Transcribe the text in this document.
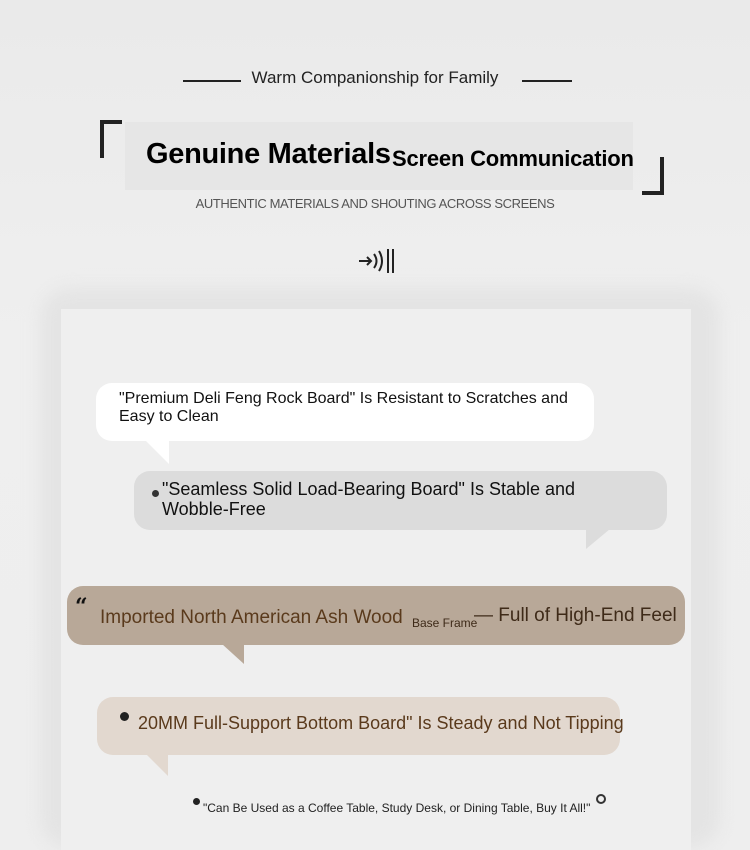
Warm Companionship for Family
Genuine Materials Screen Communication
AUTHENTIC MATERIALS AND SHOUTING ACROSS SCREENS
"Premium Deli Feng Rock Board" Is Resistant to Scratches and Easy to Clean
"Seamless Solid Load-Bearing Board" Is Stable and Wobble-Free
“ Imported North American Ash Wood Base Frame
— Full of High-End Feel
20MM Full-Support Bottom Board" Is Steady and Not Tipping
"Can Be Used as a Coffee Table, Study Desk, or Dining Table, Buy It All!"
